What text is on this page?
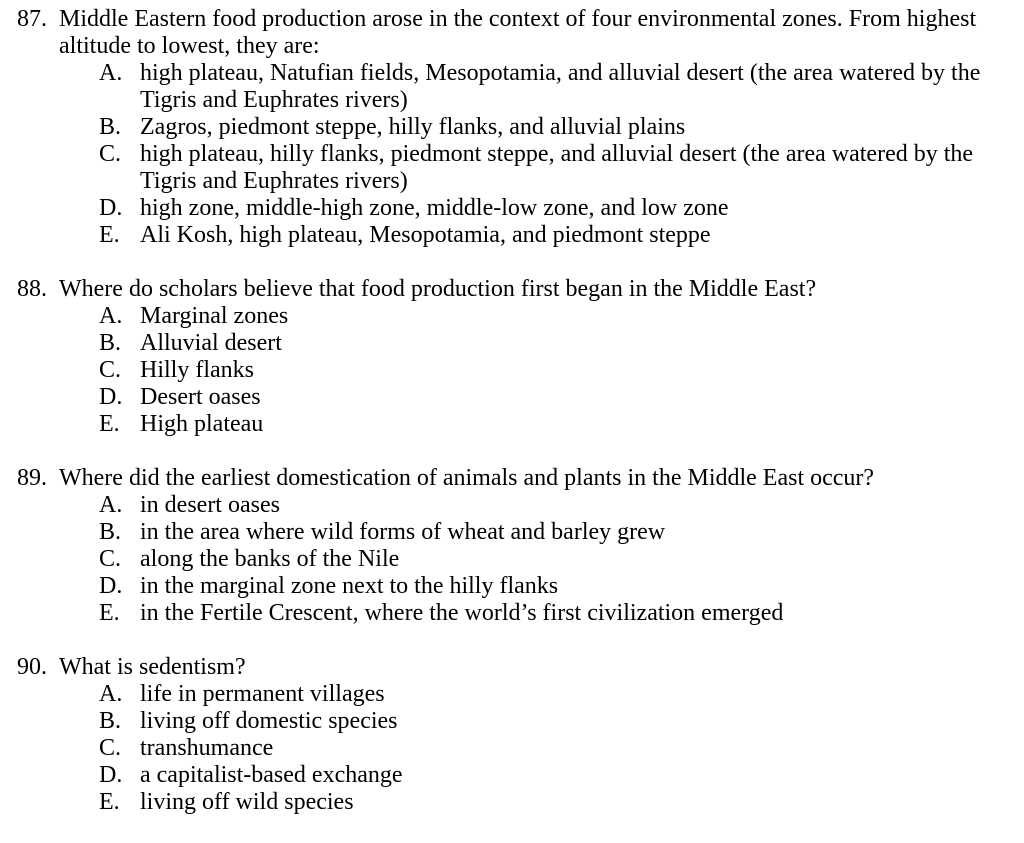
87. Middle Eastern food production arose in the context of four environmental zones. From highest altitude to lowest, they are:
A. high plateau, Natufian fields, Mesopotamia, and alluvial desert (the area watered by the Tigris and Euphrates rivers)
B. Zagros, piedmont steppe, hilly flanks, and alluvial plains
C. high plateau, hilly flanks, piedmont steppe, and alluvial desert (the area watered by the Tigris and Euphrates rivers)
D. high zone, middle-high zone, middle-low zone, and low zone
E. Ali Kosh, high plateau, Mesopotamia, and piedmont steppe
88. Where do scholars believe that food production first began in the Middle East?
A. Marginal zones
B. Alluvial desert
C. Hilly flanks
D. Desert oases
E. High plateau
89. Where did the earliest domestication of animals and plants in the Middle East occur?
A. in desert oases
B. in the area where wild forms of wheat and barley grew
C. along the banks of the Nile
D. in the marginal zone next to the hilly flanks
E. in the Fertile Crescent, where the world’s first civilization emerged
90. What is sedentism?
A. life in permanent villages
B. living off domestic species
C. transhumance
D. a capitalist-based exchange
E. living off wild species
